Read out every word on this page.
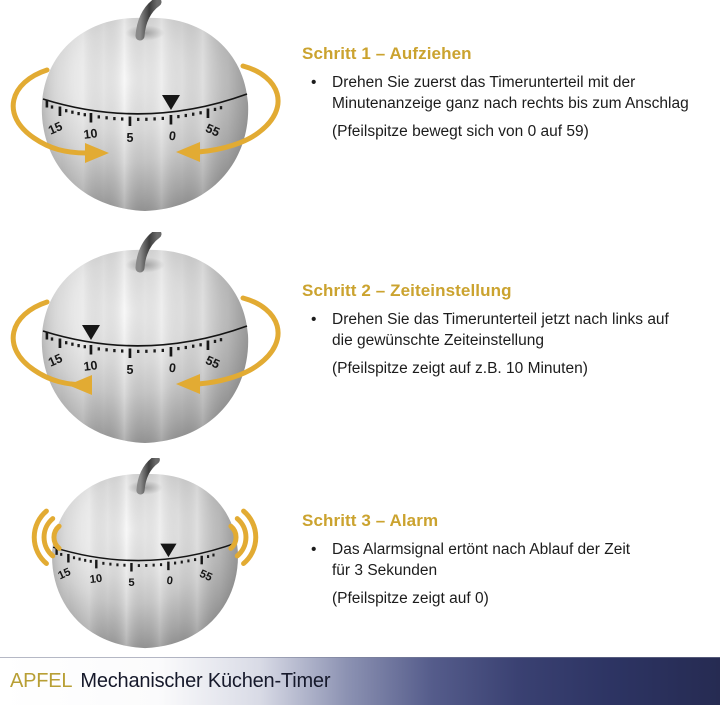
Schritt 1 – Aufziehen
•	Drehen Sie zuerst das Timerunterteil mit der
Minutenanzeige ganz nach rechts bis zum Anschlag

(Pfeilspitze bewegt sich von 0 auf 59)

Schritt 2 – Zeiteinstellung
•	Drehen Sie das Timerunterteil jetzt nach links auf
die gewünschte Zeiteinstellung

(Pfeilspitze zeigt auf z.B. 10 Minuten)

Schritt 3 – Alarm
•	Das Alarmsignal ertönt nach Ablauf der Zeit
für 3 Sekunden

(Pfeilspitze zeigt auf 0)

APFEL Mechanischer Küchen-Timer
